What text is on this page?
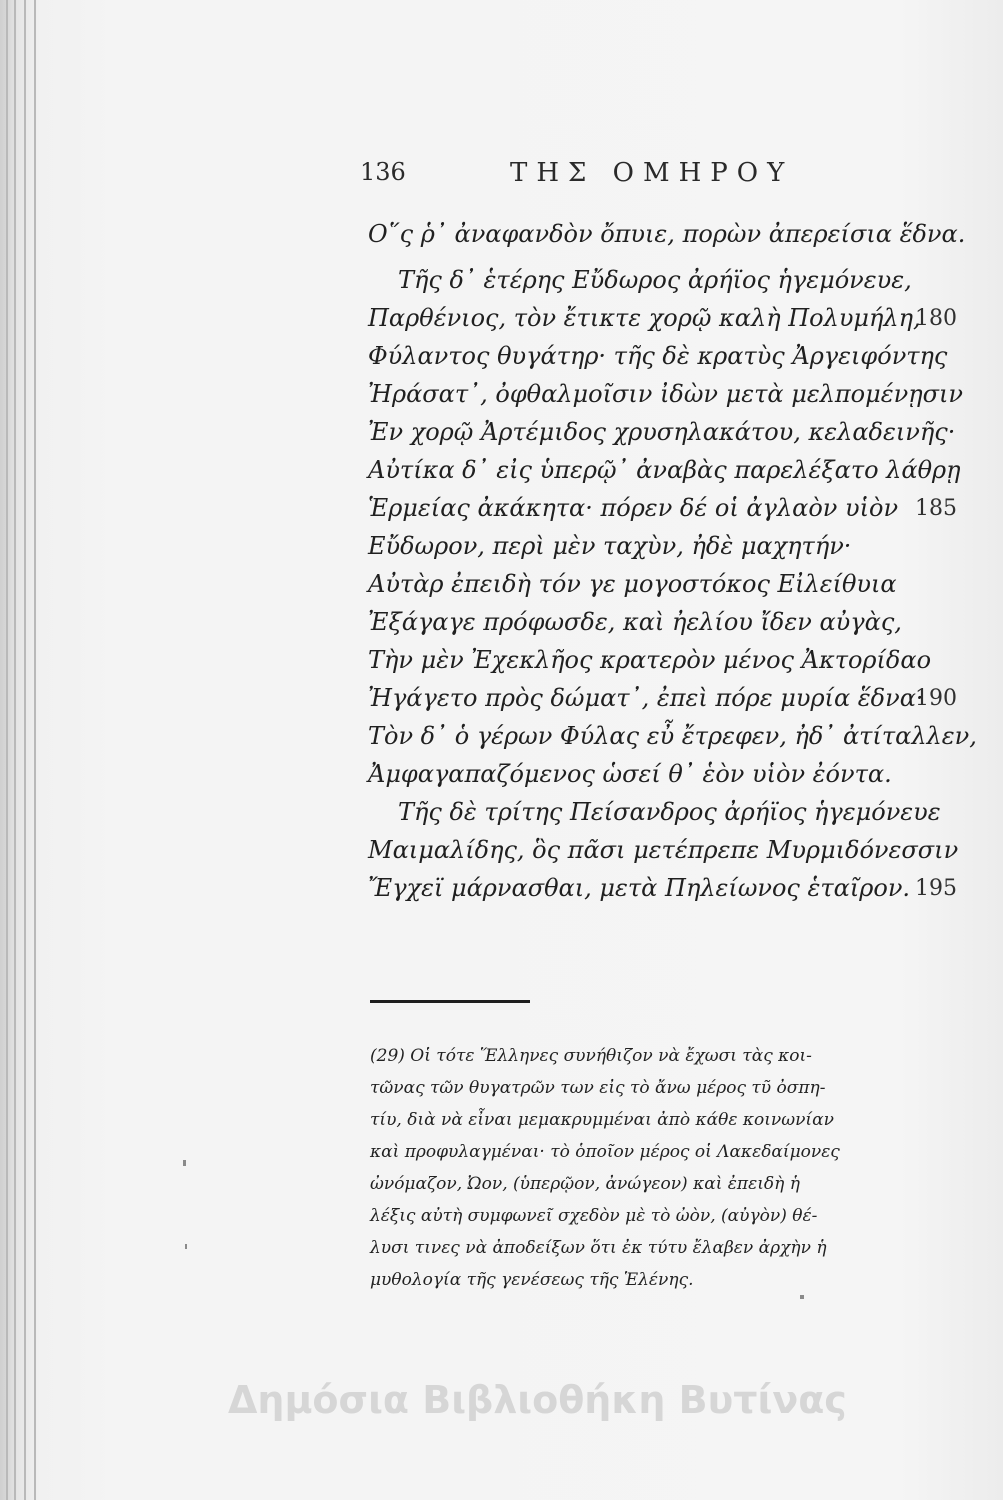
136	ΤΗΣ ΟΜΗΡΟΥ
Ο῞ς ῥ᾽ ἀναφανδὸν ὄπυιε, πορὼν ἀπερείσια ἕδνα.
Τῆς δ᾽ ἑτέρης Εὔδωρος ἀρήϊος ἡγεμόνευε,
Παρθένιος, τὸν ἔτικτε χορῷ καλὴ Πολυμήλη,
180
Φύλαντος θυγάτηρ· τῆς δὲ κρατὺς Ἀργειφόντης
Ἠράσατ᾽, ὀφθαλμοῖσιν ἰδὼν μετὰ μελπομένῃσιν
Ἐν χορῷ Ἀρτέμιδος χρυσηλακάτου, κελαδεινῆς·
Αὐτίκα δ᾽ εἰς ὑπερῷ᾽ ἀναβὰς παρελέξατο λάθρῃ
Ἑρμείας ἀκάκητα· πόρεν δέ οἱ ἀγλαὸν υἱὸν 185
Εὔδωρον, περὶ μὲν ταχὺν, ἠδὲ μαχητήν·
Αὐτὰρ ἐπειδὴ τόν γε μογοστόκος Εἰλείθυια
Ἐξάγαγε πρόφωσδε, καὶ ἠελίου ἴδεν αὐγὰς,
Τὴν μὲν Ἐχεκλῆος κρατερὸν μένος Ἀκτορίδαο
Ἠγάγετο πρὸς δώματ᾽, ἐπεὶ πόρε μυρία ἕδνα·
190
Τὸν δ᾽ ὁ γέρων Φύλας εὖ ἔτρεφεν, ἠδ᾽ ἀτίταλλεν,
Ἀμφαγαπαζόμενος ὡσεί θ᾽ ἑὸν υἱὸν ἐόντα.
Τῆς δὲ τρίτης Πείσανδρος ἀρήϊος ἡγεμόνευε
Μαιμαλίδης, ὃς πᾶσι μετέπρεπε Μυρμιδόνεσσιν
Ἔγχεϊ μάρνασθαι, μετὰ Πηλείωνος ἑταῖρον. 195
(29) Οἱ τότε Ἕλληνες συνήθιζον νὰ ἔχωσι τὰς κοι-
τῶνας τῶν θυγατρῶν των εἰς τὸ ἄνω μέρος τῦ ὀσπη-
τίυ, διὰ νὰ εἶναι μεμακρυμμέναι ἀπὸ κάθε κοινωνίαν
καὶ προφυλαγμέναι· τὸ ὁποῖον μέρος οἱ Λακεδαίμονες
ὠνόμαζον, Ὠον, (ὑπερῷον, ἀνώγεον) καὶ ἐπειδὴ ἡ
λέξις αὐτὴ συμφωνεῖ σχεδὸν μὲ τὸ ὠὸν, (αὐγὸν) θέ-
λυσι τινες νὰ ἀποδείξων ὅτι ἐκ τύτυ ἔλαβεν ἀρχὴν ἡ
μυθολογία τῆς γενέσεως τῆς Ἑλένης.
Δημόσια Βιβλιοθήκη Βυτίνας
